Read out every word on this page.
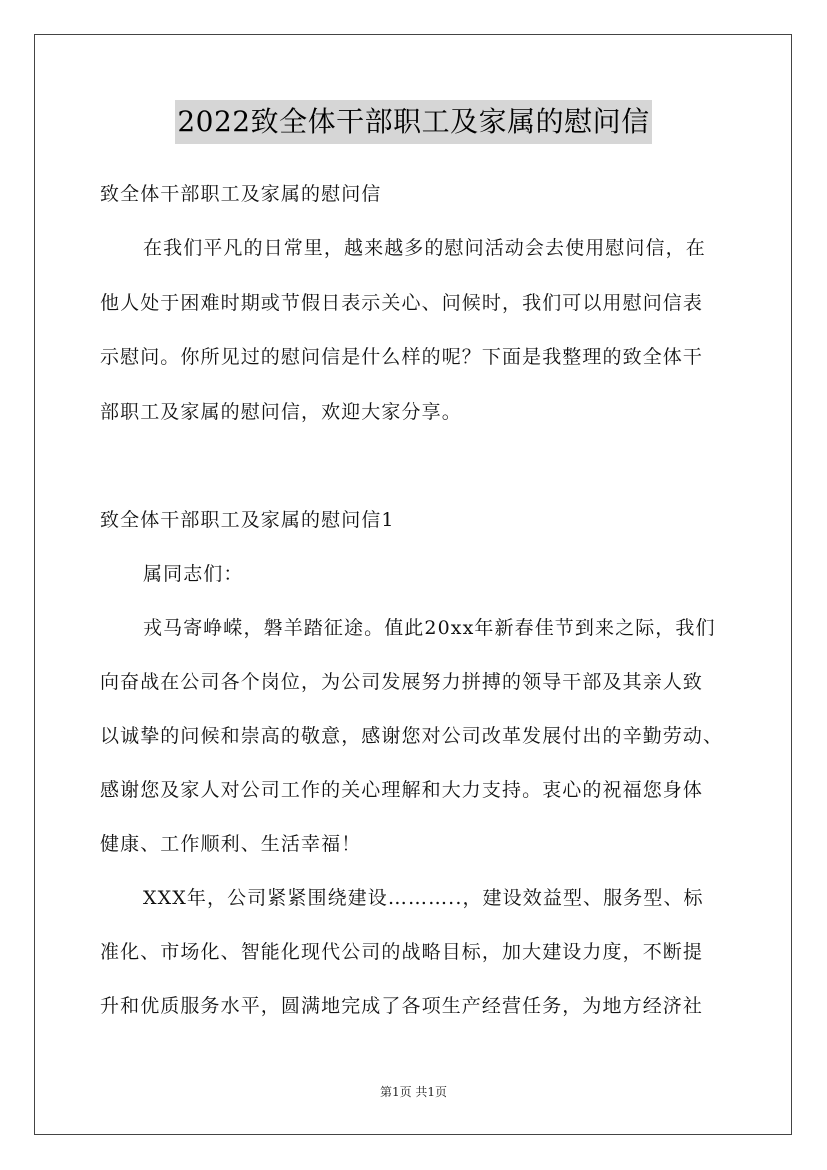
2022致全体干部职工及家属的慰问信
致全体干部职工及家属的慰问信
在我们平凡的日常里，越来越多的慰问活动会去使用慰问信，在
他人处于困难时期或节假日表示关心、问候时，我们可以用慰问信表
示慰问。你所见过的慰问信是什么样的呢？下面是我整理的致全体干
部职工及家属的慰问信，欢迎大家分享。
致全体干部职工及家属的慰问信1
属同志们：
戎马寄峥嵘，磐羊踏征途。值此20xx年新春佳节到来之际，我们
向奋战在公司各个岗位，为公司发展努力拼搏的领导干部及其亲人致
以诚挚的问候和崇高的敬意，感谢您对公司改革发展付出的辛勤劳动、
感谢您及家人对公司工作的关心理解和大力支持。衷心的祝福您身体
健康、工作顺利、生活幸福！
XXX年，公司紧紧围绕建设………..，建设效益型、服务型、标
准化、市场化、智能化现代公司的战略目标，加大建设力度，不断提
升和优质服务水平，圆满地完成了各项生产经营任务，为地方经济社
第1页 共1页
